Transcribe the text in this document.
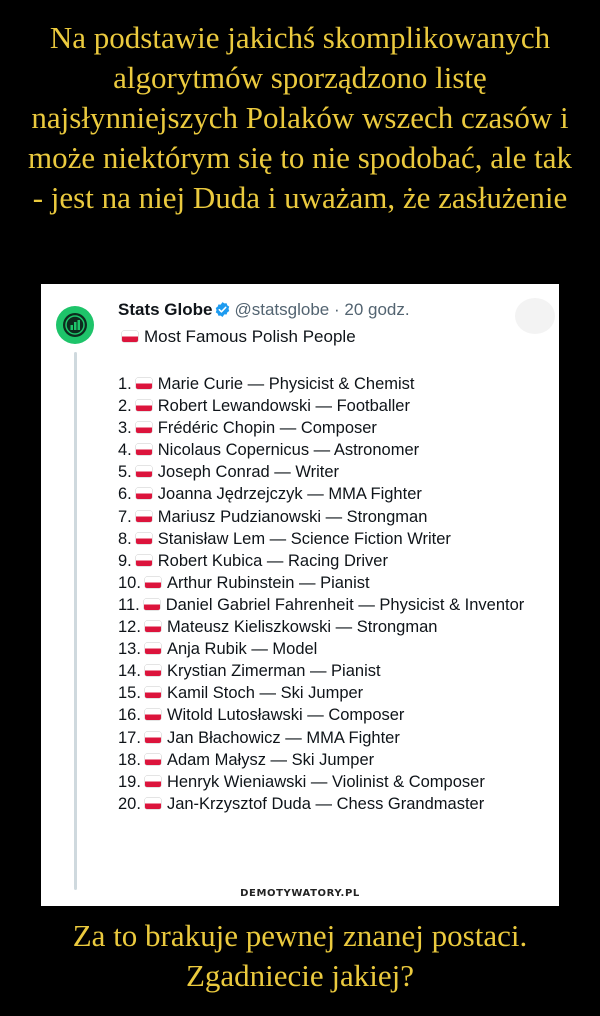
Na podstawie jakichś skomplikowanych algorytmów sporządzono listę najsłynniejszych Polaków wszech czasów i może niektórym się to nie spodobać, ale tak - jest na niej Duda i uważam, że zasłużenie
Stats Globe @statsglobe · 20 godz.
Most Famous Polish People
1. Marie Curie — Physicist & Chemist
2. Robert Lewandowski — Footballer
3. Frédéric Chopin — Composer
4. Nicolaus Copernicus — Astronomer
5. Joseph Conrad — Writer
6. Joanna Jędrzejczyk — MMA Fighter
7. Mariusz Pudzianowski — Strongman
8. Stanisław Lem — Science Fiction Writer
9. Robert Kubica — Racing Driver
10. Arthur Rubinstein — Pianist
11. Daniel Gabriel Fahrenheit — Physicist & Inventor
12. Mateusz Kieliszkowski — Strongman
13. Anja Rubik — Model
14. Krystian Zimerman — Pianist
15. Kamil Stoch — Ski Jumper
16. Witold Lutosławski — Composer
17. Jan Błachowicz — MMA Fighter
18. Adam Małysz — Ski Jumper
19. Henryk Wieniawski — Violinist & Composer
20. Jan-Krzysztof Duda — Chess Grandmaster
DEMOTYWATORY.PL
Za to brakuje pewnej znanej postaci. Zgadniecie jakiej?
